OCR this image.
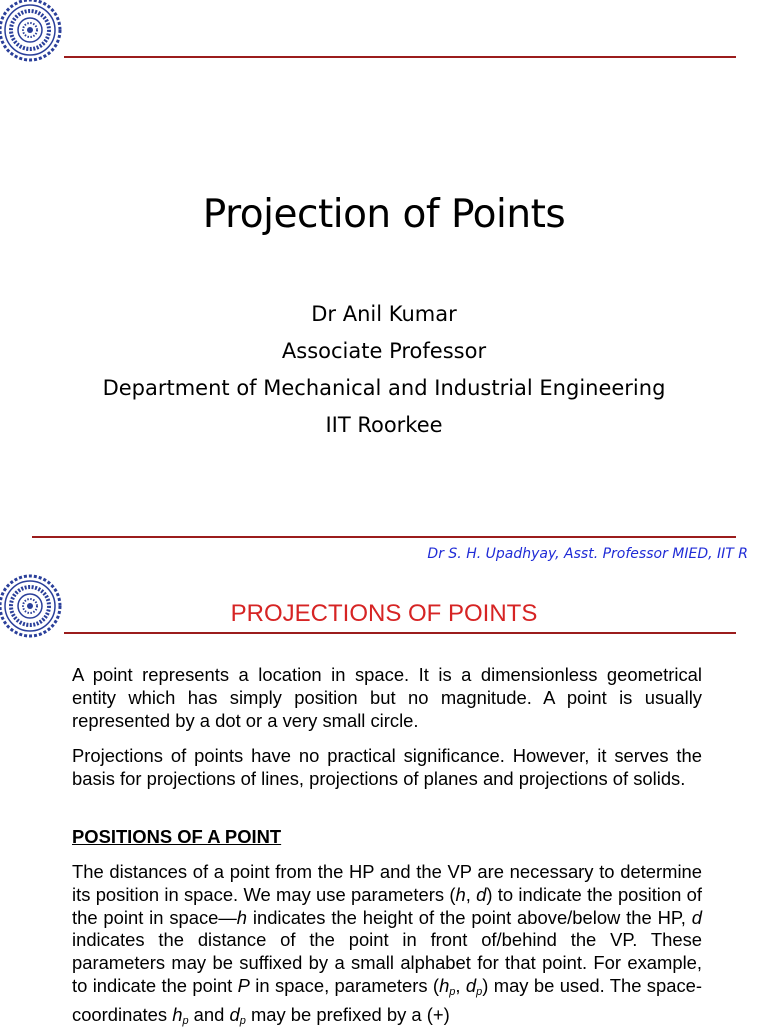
Projection of Points
Dr Anil Kumar
Associate Professor
Department of Mechanical and Industrial Engineering
IIT Roorkee
Dr S. H. Upadhyay, Asst. Professor MIED, IIT R
PROJECTIONS OF POINTS
A point represents a location in space. It is a dimensionless geometrical entity which has simply position but no magnitude. A point is usually represented by a dot or a very small circle.
Projections of points have no practical significance. However, it serves the basis for projections of lines, projections of planes and projections of solids.
POSITIONS OF A POINT
The distances of a point from the HP and the VP are necessary to determine its position in space. We may use parameters (h, d) to indicate the position of the point in space—h indicates the height of the point above/below the HP, d indicates the distance of the point in front of/behind the VP. These parameters may be suffixed by a small alphabet for that point. For example, to indicate the point P in space, parameters ($h_p$, $d_p$) may be used. The space-coordinates $h_p$ and $d_p$ may be prefixed by a (+)
